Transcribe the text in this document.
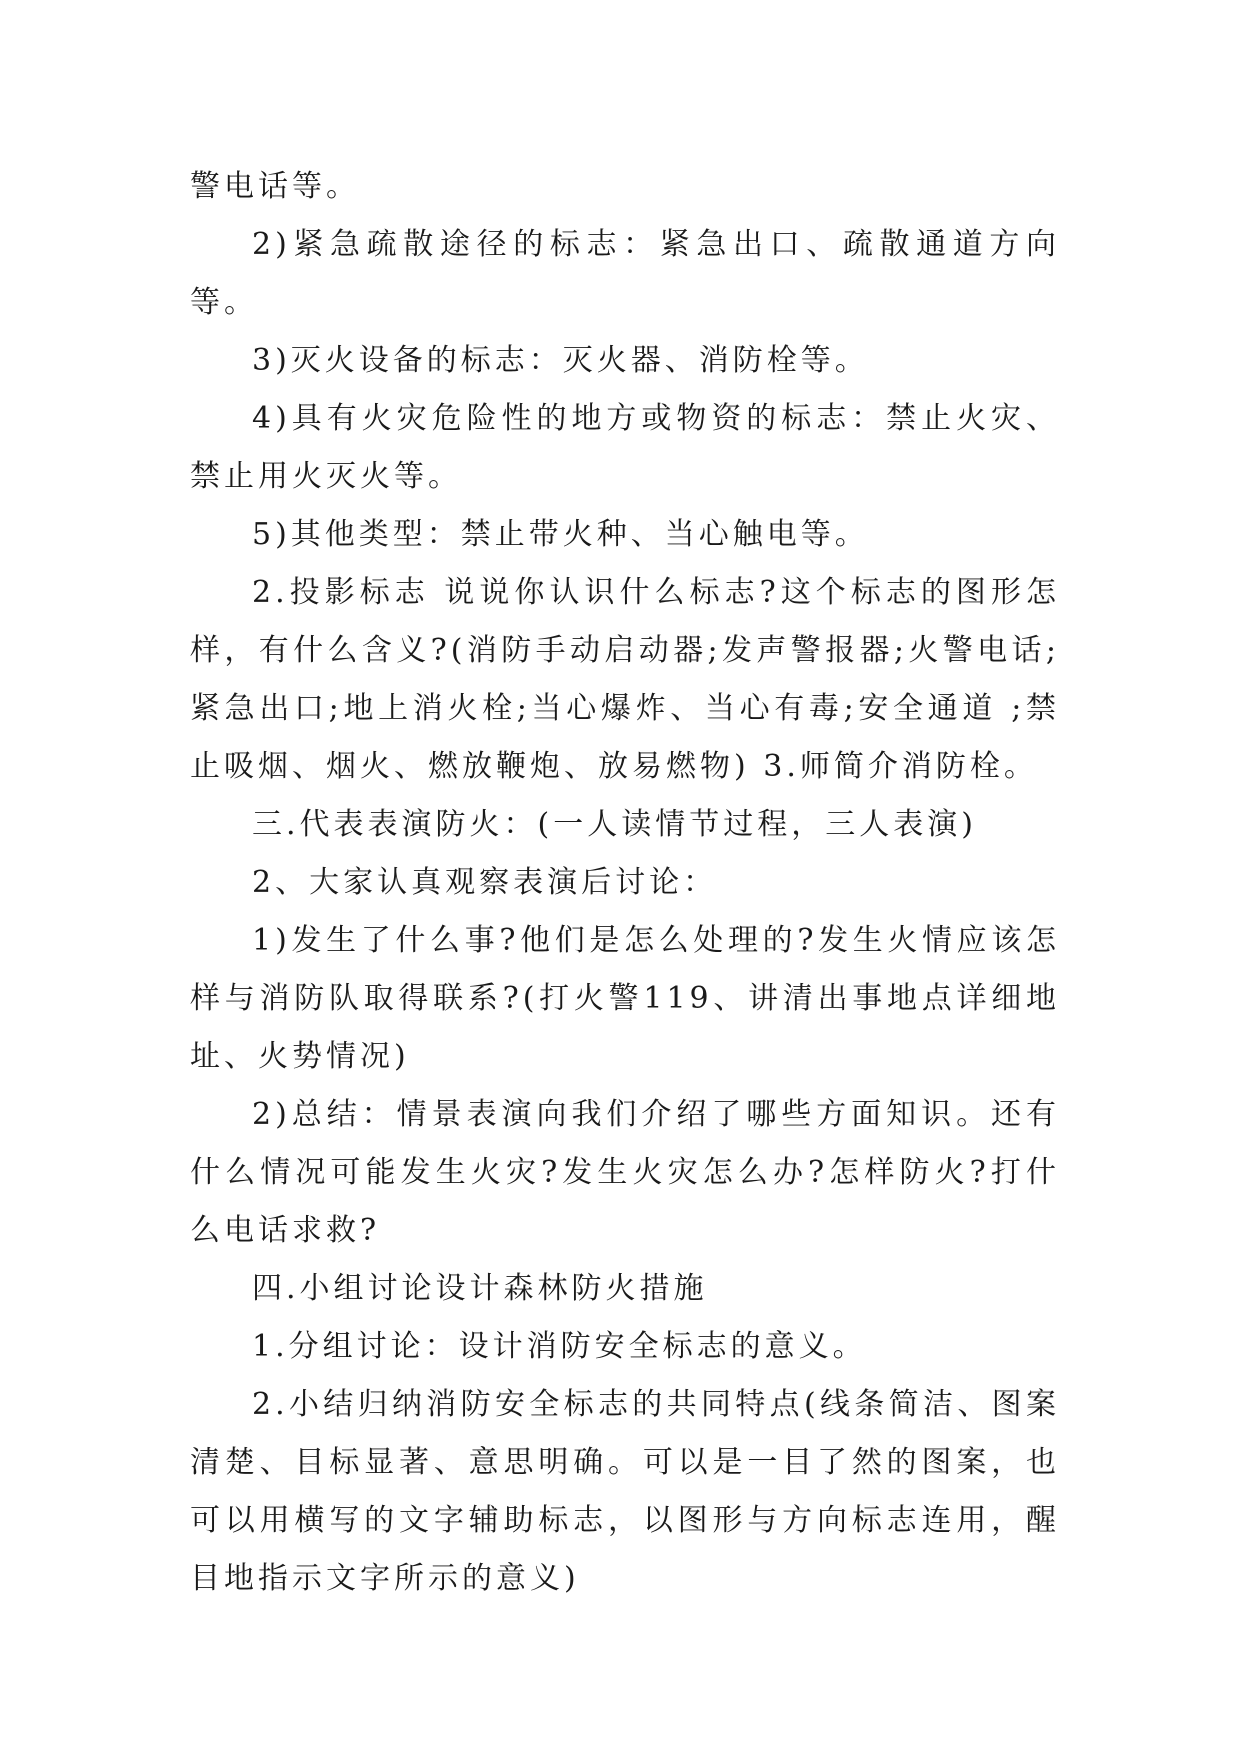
警电话等。

2)紧急疏散途径的标志：紧急出口、疏散通道方向等。

3)灭火设备的标志：灭火器、消防栓等。

4)具有火灾危险性的地方或物资的标志：禁止火灾、禁止用火灭火等。

5)其他类型：禁止带火种、当心触电等。

2.投影标志 说说你认识什么标志?这个标志的图形怎样，有什么含义?(消防手动启动器;发声警报器;火警电话;紧急出口;地上消火栓;当心爆炸、当心有毒;安全通道 ;禁止吸烟、烟火、燃放鞭炮、放易燃物) 3.师简介消防栓。

三.代表表演防火：(一人读情节过程，三人表演)

2、大家认真观察表演后讨论：

1)发生了什么事?他们是怎么处理的?发生火情应该怎样与消防队取得联系?(打火警119、讲清出事地点详细地址、火势情况)

2)总结：情景表演向我们介绍了哪些方面知识。还有什么情况可能发生火灾?发生火灾怎么办?怎样防火?打什么电话求救?

四.小组讨论设计森林防火措施

1.分组讨论：设计消防安全标志的意义。

2.小结归纳消防安全标志的共同特点(线条简洁、图案清楚、目标显著、意思明确。可以是一目了然的图案，也可以用横写的文字辅助标志，以图形与方向标志连用，醒目地指示文字所示的意义)
